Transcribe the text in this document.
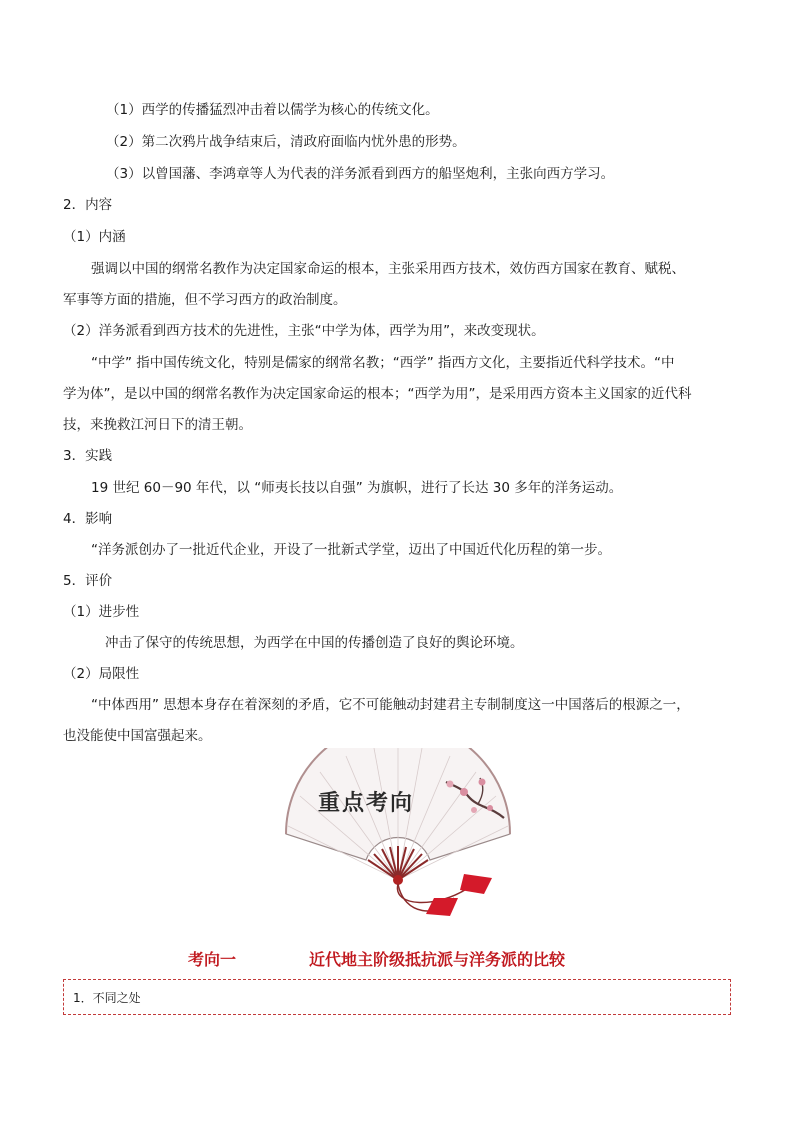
（1）西学的传播猛烈冲击着以儒学为核心的传统文化。
（2）第二次鸦片战争结束后，清政府面临内忧外患的形势。
（3）以曾国藩、李鸿章等人为代表的洋务派看到西方的船坚炮利，主张向西方学习。
2．内容
（1）内涵
强调以中国的纲常名教作为决定国家命运的根本，主张采用西方技术，效仿西方国家在教育、赋税、
军事等方面的措施，但不学习西方的政治制度。
（2）洋务派看到西方技术的先进性，主张“中学为体，西学为用”，来改变现状。
“中学” 指中国传统文化，特别是儒家的纲常名教；“西学” 指西方文化，主要指近代科学技术。“中
学为体”，是以中国的纲常名教作为决定国家命运的根本；“西学为用”，是采用西方资本主义国家的近代科
技，来挽救江河日下的清王朝。
3．实践
19 世纪 60－90 年代，以 “师夷长技以自强” 为旗帜，进行了长达 30 多年的洋务运动。
4．影响
“洋务派创办了一批近代企业，开设了一批新式学堂，迈出了中国近代化历程的第一步。
5．评价
（1）进步性
冲击了保守的传统思想，为西学在中国的传播创造了良好的舆论环境。
（2）局限性
“中体西用” 思想本身存在着深刻的矛盾，它不可能触动封建君主专制制度这一中国落后的根源之一，
也没能使中国富强起来。
重点考向
考向一	近代地主阶级抵抗派与洋务派的比较
1．不同之处
